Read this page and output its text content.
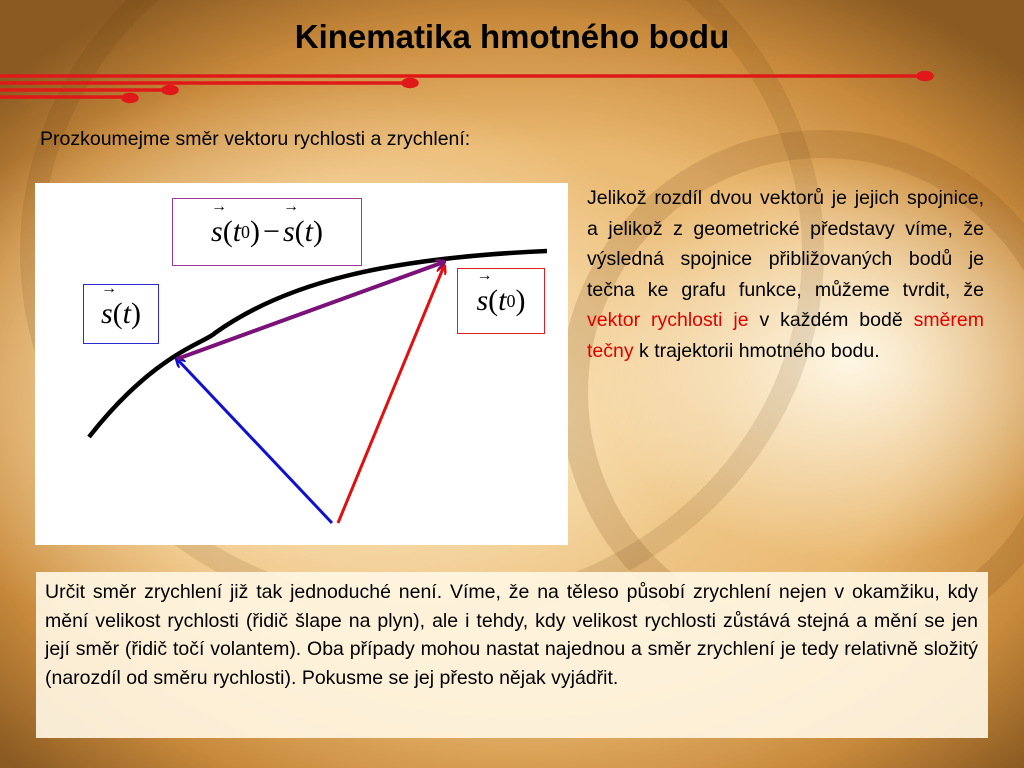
Kinematika hmotného bodu
Prozkoumejme směr vektoru rychlosti a zrychlení:
→ s ( t 0 ) − → s ( t )
→ s ( t )	→ s ( t 0 )
Jelikož rozdíl dvou vektorů je jejich spojnice, a jelikož z geometrické představy víme, že výsledná spojnice přibližovaných bodů je tečna ke grafu funkce, můžeme tvrdit, že vektor rychlosti je v každém bodě směrem tečny k trajektorii hmotného bodu.
Určit směr zrychlení již tak jednoduché není. Víme, že na těleso působí zrychlení nejen v okamžiku, kdy mění velikost rychlosti (řidič šlape na plyn), ale i tehdy, kdy velikost rychlosti zůstává stejná a mění se jen její směr (řidič točí volantem). Oba případy mohou nastat najednou a směr zrychlení je tedy relativně složitý (narozdíl od směru rychlosti). Pokusme se jej přesto nějak vyjádřit.
